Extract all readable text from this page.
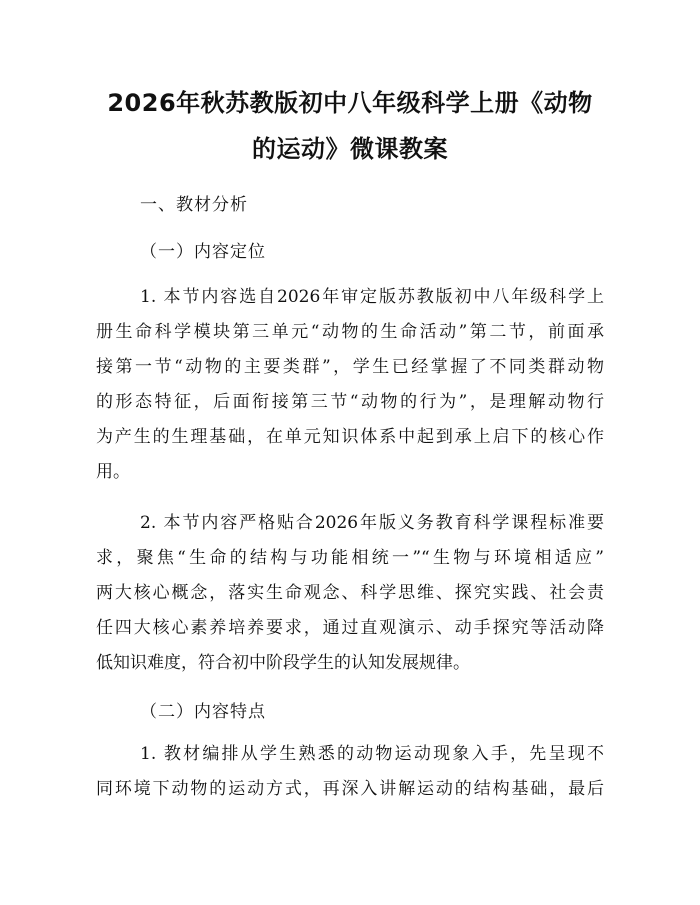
2026年秋苏教版初中八年级科学上册《动物
的运动》微课教案

一、教材分析

（一）内容定位

1. 本节内容选自2026年审定版苏教版初中八年级科学上
册生命科学模块第三单元“动物的生命活动”第二节，前面承
接第一节“动物的主要类群”，学生已经掌握了不同类群动物
的形态特征，后面衔接第三节“动物的行为”，是理解动物行
为产生的生理基础，在单元知识体系中起到承上启下的核心作
用。
2. 本节内容严格贴合2026年版义务教育科学课程标准要
求，聚焦“生命的结构与功能相统一”“生物与环境相适应”
两大核心概念，落实生命观念、科学思维、探究实践、社会责
任四大核心素养培养要求，通过直观演示、动手探究等活动降
低知识难度，符合初中阶段学生的认知发展规律。

（二）内容特点

1. 教材编排从学生熟悉的动物运动现象入手，先呈现不
同环境下动物的运动方式，再深入讲解运动的结构基础，最后
